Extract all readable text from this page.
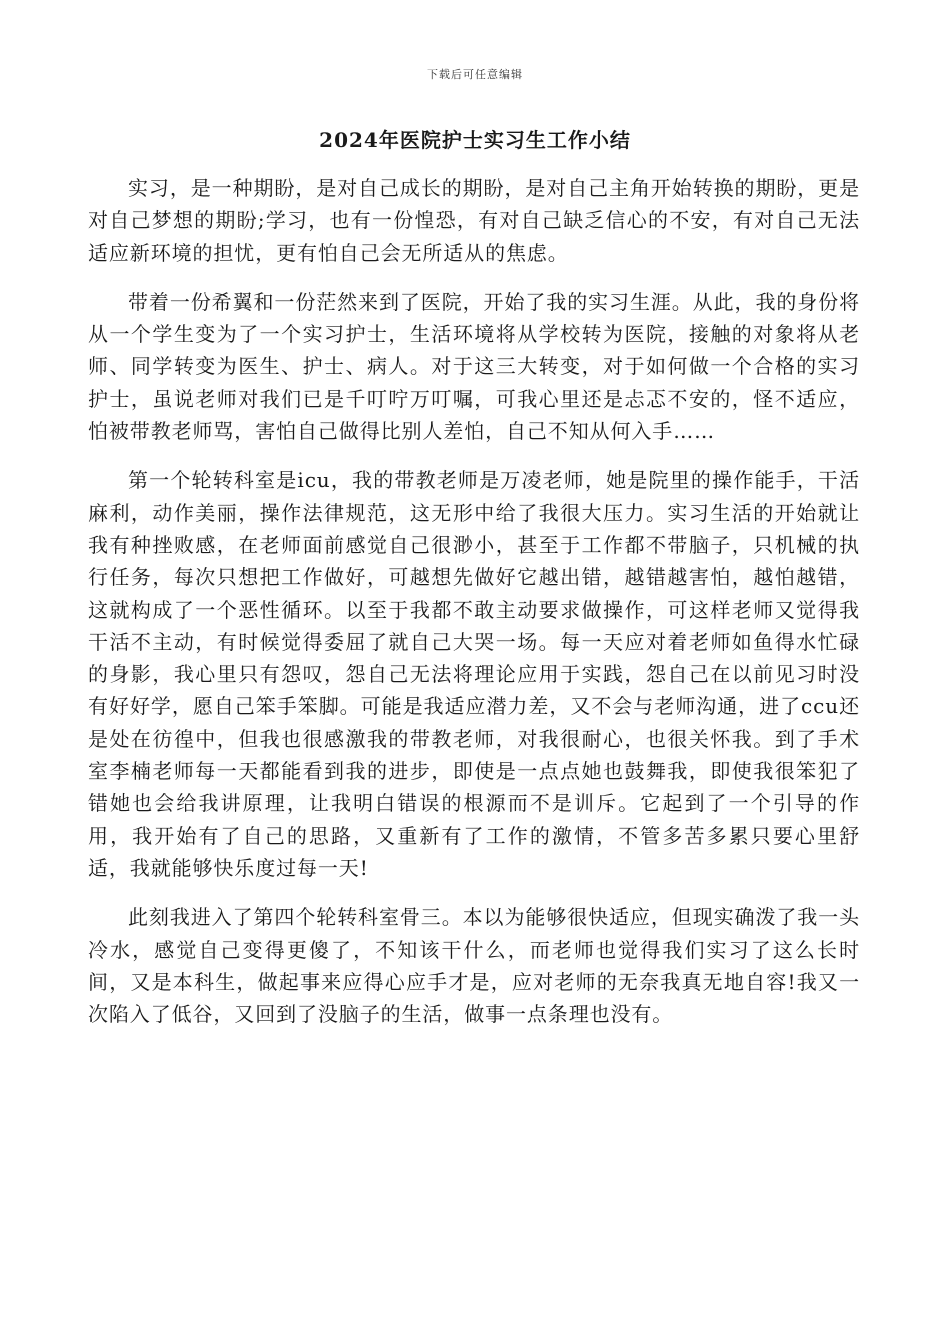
下载后可任意编辑
2024年医院护士实习生工作小结

实习，是一种期盼，是对自己成长的期盼，是对自己主角开始转换的期盼，更是对自己梦想的期盼;学习，也有一份惶恐，有对自己缺乏信心的不安，有对自己无法适应新环境的担忧，更有怕自己会无所适从的焦虑。

带着一份希翼和一份茫然来到了医院，开始了我的实习生涯。从此，我的身份将从一个学生变为了一个实习护士，生活环境将从学校转为医院，接触的对象将从老师、同学转变为医生、护士、病人。对于这三大转变，对于如何做一个合格的实习护士，虽说老师对我们已是千叮咛万叮嘱，可我心里还是忐忑不安的，怪不适应，怕被带教老师骂，害怕自己做得比别人差怕，自己不知从何入手……

第一个轮转科室是icu，我的带教老师是万凌老师，她是院里的操作能手，干活麻利，动作美丽，操作法律规范，这无形中给了我很大压力。实习生活的开始就让我有种挫败感，在老师面前感觉自己很渺小，甚至于工作都不带脑子，只机械的执行任务，每次只想把工作做好，可越想先做好它越出错，越错越害怕，越怕越错，这就构成了一个恶性循环。以至于我都不敢主动要求做操作，可这样老师又觉得我干活不主动，有时候觉得委屈了就自己大哭一场。每一天应对着老师如鱼得水忙碌的身影，我心里只有怨叹，怨自己无法将理论应用于实践，怨自己在以前见习时没有好好学，愿自己笨手笨脚。可能是我适应潜力差，又不会与老师沟通，进了ccu还是处在彷徨中，但我也很感激我的带教老师，对我很耐心，也很关怀我。到了手术室李楠老师每一天都能看到我的进步，即使是一点点她也鼓舞我，即使我很笨犯了错她也会给我讲原理，让我明白错误的根源而不是训斥。它起到了一个引导的作用，我开始有了自己的思路，又重新有了工作的激情，不管多苦多累只要心里舒适，我就能够快乐度过每一天!

此刻我进入了第四个轮转科室骨三。本以为能够很快适应，但现实确泼了我一头冷水，感觉自己变得更傻了，不知该干什么，而老师也觉得我们实习了这么长时间，又是本科生，做起事来应得心应手才是，应对老师的无奈我真无地自容!我又一次陷入了低谷，又回到了没脑子的生活，做事一点条理也没有。
